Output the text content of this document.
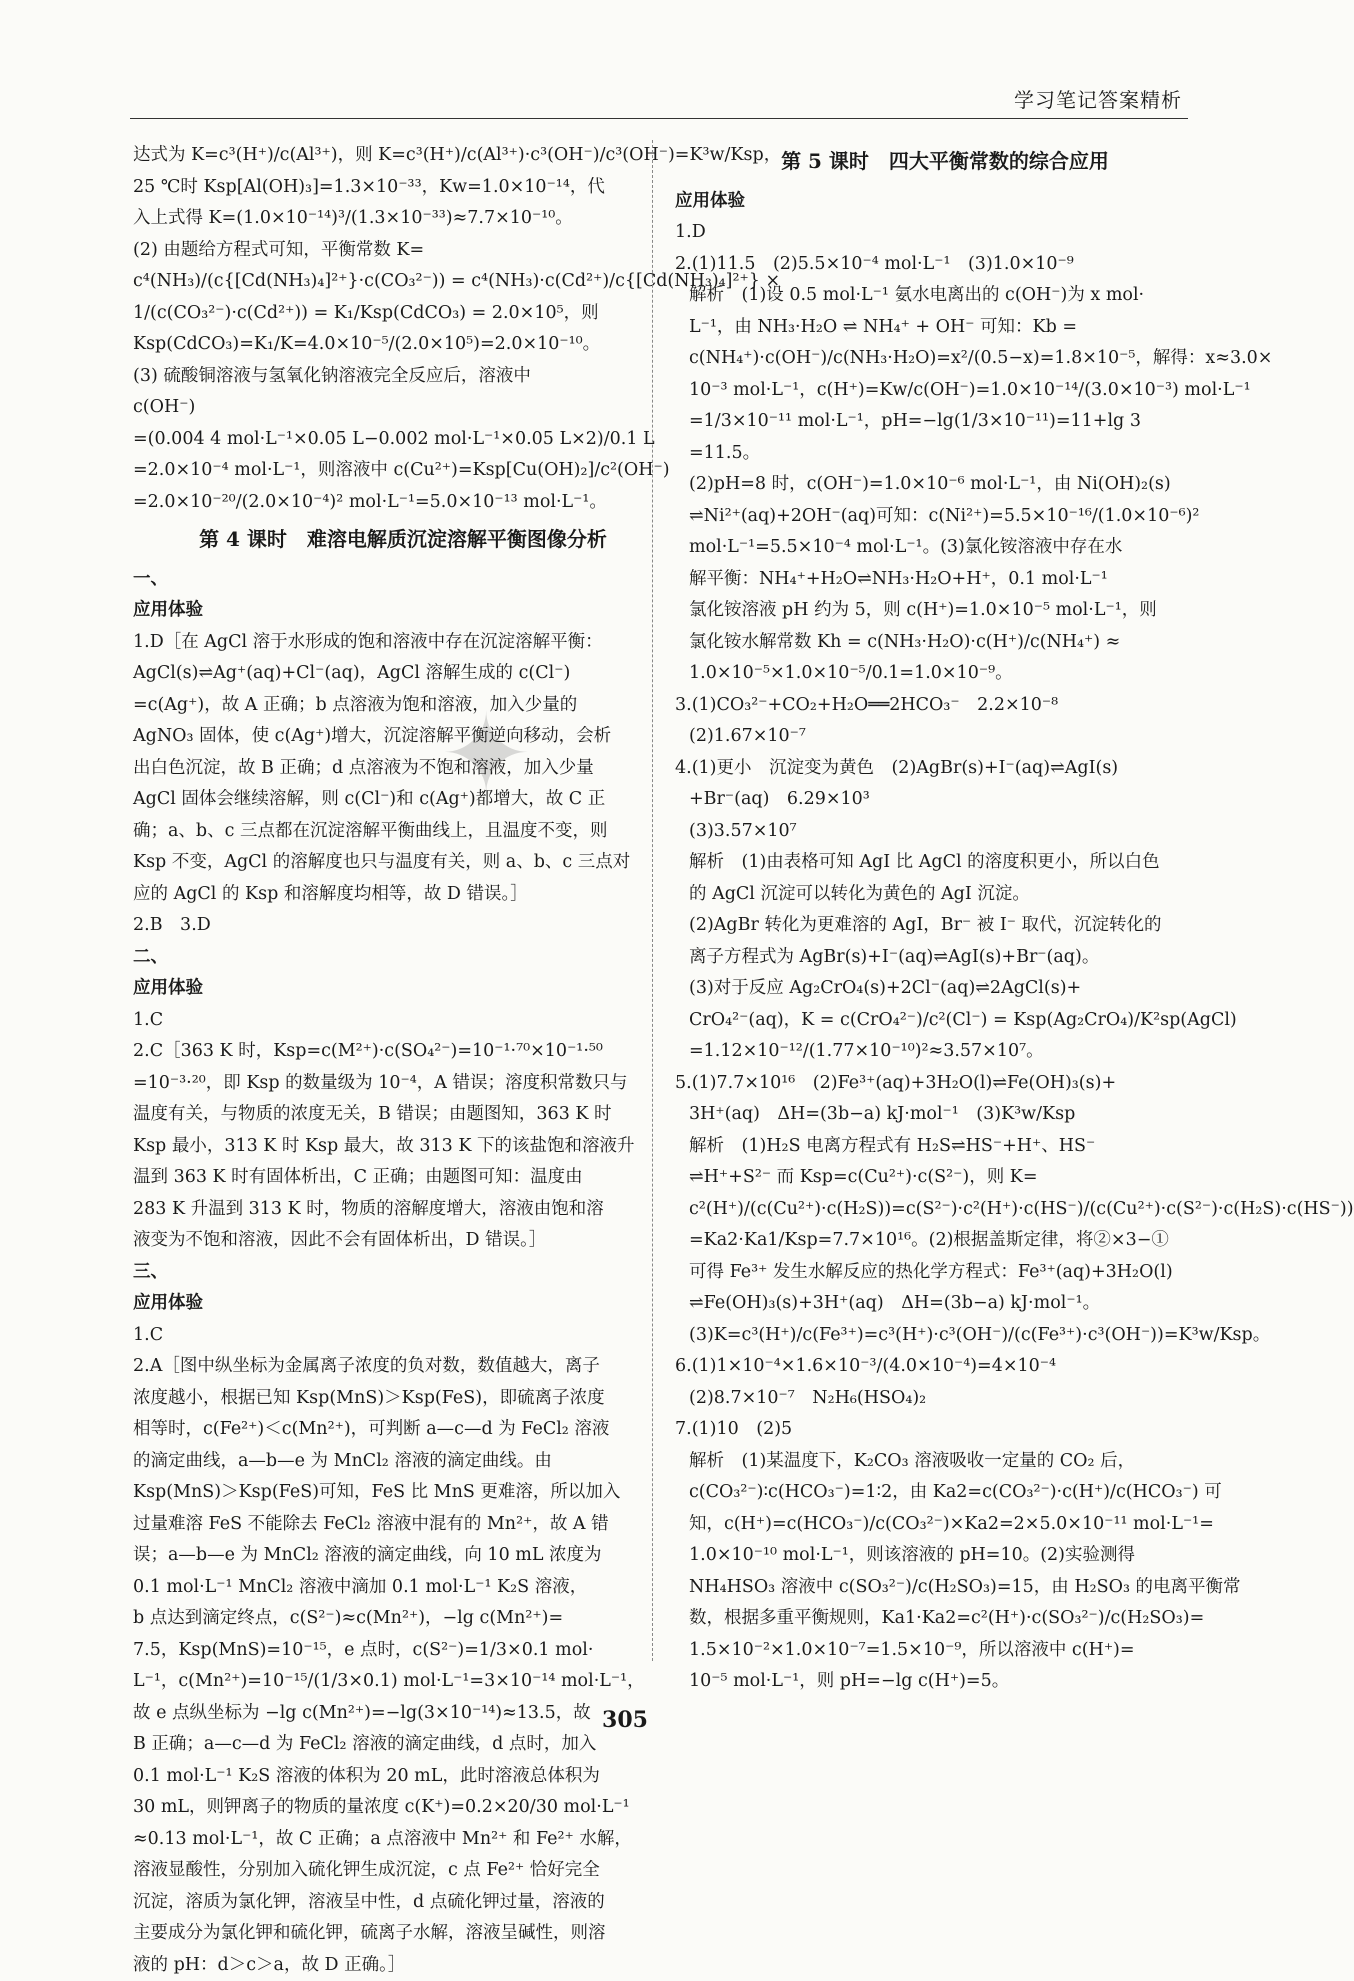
学习笔记答案精析
达式为 K=c³(H⁺)/c(Al³⁺)，则 K=c³(H⁺)/c(Al³⁺)·c³(OH⁻)/c³(OH⁻)=K³w/Ksp，
25 ℃时 Ksp[Al(OH)₃]=1.3×10⁻³³，Kw=1.0×10⁻¹⁴，代
入上式得 K=(1.0×10⁻¹⁴)³/(1.3×10⁻³³)≈7.7×10⁻¹⁰。
(2) 由题给方程式可知，平衡常数 K=
c⁴(NH₃)/(c{[Cd(NH₃)₄]²⁺}·c(CO₃²⁻)) = c⁴(NH₃)·c(Cd²⁺)/c{[Cd(NH₃)₄]²⁺} ×
1/(c(CO₃²⁻)·c(Cd²⁺)) = K₁/Ksp(CdCO₃) = 2.0×10⁵，则
Ksp(CdCO₃)=K₁/K=4.0×10⁻⁵/(2.0×10⁵)=2.0×10⁻¹⁰。
(3) 硫酸铜溶液与氢氧化钠溶液完全反应后，溶液中
c(OH⁻)
=(0.004 4 mol·L⁻¹×0.05 L−0.002 mol·L⁻¹×0.05 L×2)/0.1 L
=2.0×10⁻⁴ mol·L⁻¹，则溶液中 c(Cu²⁺)=Ksp[Cu(OH)₂]/c²(OH⁻)
=2.0×10⁻²⁰/(2.0×10⁻⁴)² mol·L⁻¹=5.0×10⁻¹³ mol·L⁻¹。
第 4 课时　难溶电解质沉淀溶解平衡图像分析
一、
应用体验
1.D［在 AgCl 溶于水形成的饱和溶液中存在沉淀溶解平衡：
AgCl(s)⇌Ag⁺(aq)+Cl⁻(aq)，AgCl 溶解生成的 c(Cl⁻)
=c(Ag⁺)，故 A 正确；b 点溶液为饱和溶液，加入少量的
AgNO₃ 固体，使 c(Ag⁺)增大，沉淀溶解平衡逆向移动，会析
出白色沉淀，故 B 正确；d 点溶液为不饱和溶液，加入少量
AgCl 固体会继续溶解，则 c(Cl⁻)和 c(Ag⁺)都增大，故 C 正
确；a、b、c 三点都在沉淀溶解平衡曲线上，且温度不变，则
Ksp 不变，AgCl 的溶解度也只与温度有关，则 a、b、c 三点对
应的 AgCl 的 Ksp 和溶解度均相等，故 D 错误。］
2.B　3.D
二、
应用体验
1.C
2.C［363 K 时，Ksp=c(M²⁺)·c(SO₄²⁻)=10⁻¹·⁷⁰×10⁻¹·⁵⁰
=10⁻³·²⁰，即 Ksp 的数量级为 10⁻⁴，A 错误；溶度积常数只与
温度有关，与物质的浓度无关，B 错误；由题图知，363 K 时
Ksp 最小，313 K 时 Ksp 最大，故 313 K 下的该盐饱和溶液升
温到 363 K 时有固体析出，C 正确；由题图可知：温度由
283 K 升温到 313 K 时，物质的溶解度增大，溶液由饱和溶
液变为不饱和溶液，因此不会有固体析出，D 错误。］
三、
应用体验
1.C
2.A［图中纵坐标为金属离子浓度的负对数，数值越大，离子
浓度越小，根据已知 Ksp(MnS)＞Ksp(FeS)，即硫离子浓度
相等时，c(Fe²⁺)＜c(Mn²⁺)，可判断 a—c—d 为 FeCl₂ 溶液
的滴定曲线，a—b—e 为 MnCl₂ 溶液的滴定曲线。由
Ksp(MnS)＞Ksp(FeS)可知，FeS 比 MnS 更难溶，所以加入
过量难溶 FeS 不能除去 FeCl₂ 溶液中混有的 Mn²⁺，故 A 错
误；a—b—e 为 MnCl₂ 溶液的滴定曲线，向 10 mL 浓度为
0.1 mol·L⁻¹ MnCl₂ 溶液中滴加 0.1 mol·L⁻¹ K₂S 溶液，
b 点达到滴定终点，c(S²⁻)≈c(Mn²⁺)，−lg c(Mn²⁺)=
7.5，Ksp(MnS)=10⁻¹⁵，e 点时，c(S²⁻)=1/3×0.1 mol·
L⁻¹，c(Mn²⁺)=10⁻¹⁵/(1/3×0.1) mol·L⁻¹=3×10⁻¹⁴ mol·L⁻¹，
故 e 点纵坐标为 −lg c(Mn²⁺)=−lg(3×10⁻¹⁴)≈13.5，故
B 正确；a—c—d 为 FeCl₂ 溶液的滴定曲线，d 点时，加入
0.1 mol·L⁻¹ K₂S 溶液的体积为 20 mL，此时溶液总体积为
30 mL，则钾离子的物质的量浓度 c(K⁺)=0.2×20/30 mol·L⁻¹
≈0.13 mol·L⁻¹，故 C 正确；a 点溶液中 Mn²⁺ 和 Fe²⁺ 水解，
溶液显酸性，分别加入硫化钾生成沉淀，c 点 Fe²⁺ 恰好完全
沉淀，溶质为氯化钾，溶液呈中性，d 点硫化钾过量，溶液的
主要成分为氯化钾和硫化钾，硫离子水解，溶液呈碱性，则溶
液的 pH：d＞c＞a，故 D 正确。］
第 5 课时　四大平衡常数的综合应用
应用体验
1.D
2.(1)11.5　(2)5.5×10⁻⁴ mol·L⁻¹　(3)1.0×10⁻⁹
解析　(1)设 0.5 mol·L⁻¹ 氨水电离出的 c(OH⁻)为 x mol·
L⁻¹，由 NH₃·H₂O ⇌ NH₄⁺ + OH⁻ 可知：Kb =
c(NH₄⁺)·c(OH⁻)/c(NH₃·H₂O)=x²/(0.5−x)=1.8×10⁻⁵，解得：x≈3.0×
10⁻³ mol·L⁻¹，c(H⁺)=Kw/c(OH⁻)=1.0×10⁻¹⁴/(3.0×10⁻³) mol·L⁻¹
=1/3×10⁻¹¹ mol·L⁻¹，pH=−lg(1/3×10⁻¹¹)=11+lg 3
=11.5。
(2)pH=8 时，c(OH⁻)=1.0×10⁻⁶ mol·L⁻¹，由 Ni(OH)₂(s)
⇌Ni²⁺(aq)+2OH⁻(aq)可知：c(Ni²⁺)=5.5×10⁻¹⁶/(1.0×10⁻⁶)²
mol·L⁻¹=5.5×10⁻⁴ mol·L⁻¹。(3)氯化铵溶液中存在水
解平衡：NH₄⁺+H₂O⇌NH₃·H₂O+H⁺，0.1 mol·L⁻¹
氯化铵溶液 pH 约为 5，则 c(H⁺)=1.0×10⁻⁵ mol·L⁻¹，则
氯化铵水解常数 Kh = c(NH₃·H₂O)·c(H⁺)/c(NH₄⁺) ≈
1.0×10⁻⁵×1.0×10⁻⁵/0.1=1.0×10⁻⁹。
3.(1)CO₃²⁻+CO₂+H₂O══2HCO₃⁻　2.2×10⁻⁸
(2)1.67×10⁻⁷
4.(1)更小　沉淀变为黄色　(2)AgBr(s)+I⁻(aq)⇌AgI(s)
+Br⁻(aq)　6.29×10³
(3)3.57×10⁷
解析　(1)由表格可知 AgI 比 AgCl 的溶度积更小，所以白色
的 AgCl 沉淀可以转化为黄色的 AgI 沉淀。
(2)AgBr 转化为更难溶的 AgI，Br⁻ 被 I⁻ 取代，沉淀转化的
离子方程式为 AgBr(s)+I⁻(aq)⇌AgI(s)+Br⁻(aq)。
(3)对于反应 Ag₂CrO₄(s)+2Cl⁻(aq)⇌2AgCl(s)+
CrO₄²⁻(aq)，K = c(CrO₄²⁻)/c²(Cl⁻) = Ksp(Ag₂CrO₄)/K²sp(AgCl)
=1.12×10⁻¹²/(1.77×10⁻¹⁰)²≈3.57×10⁷。
5.(1)7.7×10¹⁶　(2)Fe³⁺(aq)+3H₂O(l)⇌Fe(OH)₃(s)+
3H⁺(aq)　ΔH=(3b−a) kJ·mol⁻¹　(3)K³w/Ksp
解析　(1)H₂S 电离方程式有 H₂S⇌HS⁻+H⁺、HS⁻
⇌H⁺+S²⁻ 而 Ksp=c(Cu²⁺)·c(S²⁻)，则 K=
c²(H⁺)/(c(Cu²⁺)·c(H₂S))=c(S²⁻)·c²(H⁺)·c(HS⁻)/(c(Cu²⁺)·c(S²⁻)·c(H₂S)·c(HS⁻))
=Ka2·Ka1/Ksp=7.7×10¹⁶。(2)根据盖斯定律，将②×3−①
可得 Fe³⁺ 发生水解反应的热化学方程式：Fe³⁺(aq)+3H₂O(l)
⇌Fe(OH)₃(s)+3H⁺(aq)　ΔH=(3b−a) kJ·mol⁻¹。
(3)K=c³(H⁺)/c(Fe³⁺)=c³(H⁺)·c³(OH⁻)/(c(Fe³⁺)·c³(OH⁻))=K³w/Ksp。
6.(1)1×10⁻⁴×1.6×10⁻³/(4.0×10⁻⁴)=4×10⁻⁴
(2)8.7×10⁻⁷　N₂H₆(HSO₄)₂
7.(1)10　(2)5
解析　(1)某温度下，K₂CO₃ 溶液吸收一定量的 CO₂ 后，
c(CO₃²⁻)∶c(HCO₃⁻)=1∶2，由 Ka2=c(CO₃²⁻)·c(H⁺)/c(HCO₃⁻) 可
知，c(H⁺)=c(HCO₃⁻)/c(CO₃²⁻)×Ka2=2×5.0×10⁻¹¹ mol·L⁻¹=
1.0×10⁻¹⁰ mol·L⁻¹，则该溶液的 pH=10。(2)实验测得
NH₄HSO₃ 溶液中 c(SO₃²⁻)/c(H₂SO₃)=15，由 H₂SO₃ 的电离平衡常
数，根据多重平衡规则，Ka1·Ka2=c²(H⁺)·c(SO₃²⁻)/c(H₂SO₃)=
1.5×10⁻²×1.0×10⁻⁷=1.5×10⁻⁹，所以溶液中 c(H⁺)=
10⁻⁵ mol·L⁻¹，则 pH=−lg c(H⁺)=5。
✦
305
